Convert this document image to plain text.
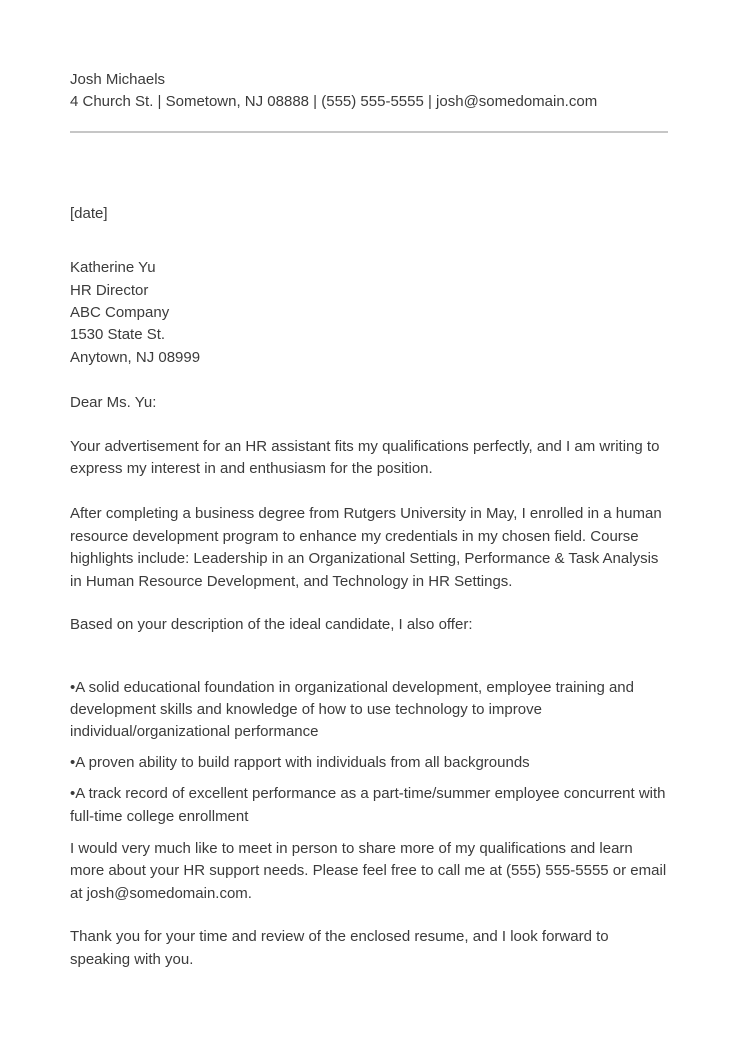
Josh Michaels
4 Church St. | Sometown, NJ 08888 | (555) 555-5555 | josh@somedomain.com
[date]
Katherine Yu
HR Director
ABC Company
1530 State St.
Anytown, NJ 08999

Dear Ms. Yu:

Your advertisement for an HR assistant fits my qualifications perfectly, and I am writing to express my interest in and enthusiasm for the position.

After completing a business degree from Rutgers University in May, I enrolled in a human resource development program to enhance my credentials in my chosen field. Course highlights include: Leadership in an Organizational Setting, Performance & Task Analysis in Human Resource Development, and Technology in HR Settings.

Based on your description of the ideal candidate, I also offer:

•A solid educational foundation in organizational development, employee training and development skills and knowledge of how to use technology to improve individual/organizational performance

•A proven ability to build rapport with individuals from all backgrounds

•A track record of excellent performance as a part-time/summer employee concurrent with full-time college enrollment

I would very much like to meet in person to share more of my qualifications and learn more about your HR support needs. Please feel free to call me at (555) 555-5555 or email at josh@somedomain.com.

Thank you for your time and review of the enclosed resume, and I look forward to speaking with you.
